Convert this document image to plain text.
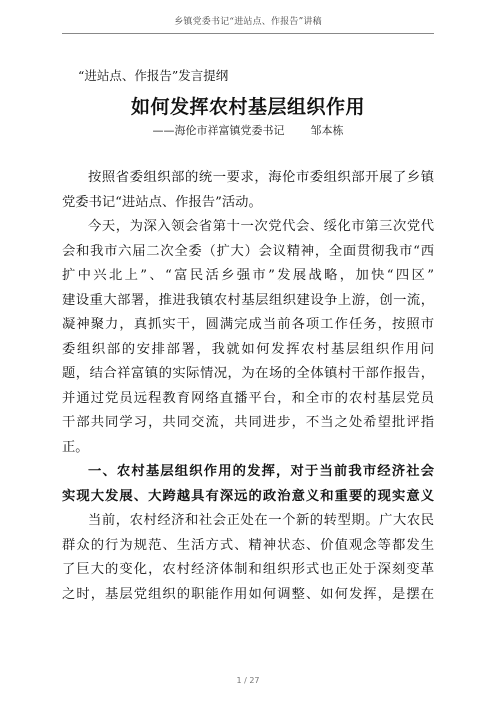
乡镇党委书记“进站点、作报告”讲稿
“进站点、作报告”发言提纲
如何发挥农村基层组织作用
——海伦市祥富镇党委书记 邹本栋
按照省委组织部的统一要求，海伦市委组织部开展了乡镇
党委书记“进站点、作报告”活动。
今天，为深入领会省第十一次党代会、绥化市第三次党代
会和我市六届二次全委（扩大）会议精神，全面贯彻我市“西
扩中兴北上”、“富民活乡强市”发展战略，加快“四区”
建设重大部署，推进我镇农村基层组织建设争上游，创一流，
凝神聚力，真抓实干，圆满完成当前各项工作任务，按照市
委组织部的安排部署，我就如何发挥农村基层组织作用问
题，结合祥富镇的实际情况，为在场的全体镇村干部作报告，
并通过党员远程教育网络直播平台，和全市的农村基层党员
干部共同学习，共同交流，共同进步，不当之处希望批评指
正。
一、农村基层组织作用的发挥，对于当前我市经济社会
实现大发展、大跨越具有深远的政治意义和重要的现实意义
当前，农村经济和社会正处在一个新的转型期。广大农民
群众的行为规范、生活方式、精神状态、价值观念等都发生
了巨大的变化，农村经济体制和组织形式也正处于深刻变革
之时，基层党组织的职能作用如何调整、如何发挥，是摆在
1 / 27
